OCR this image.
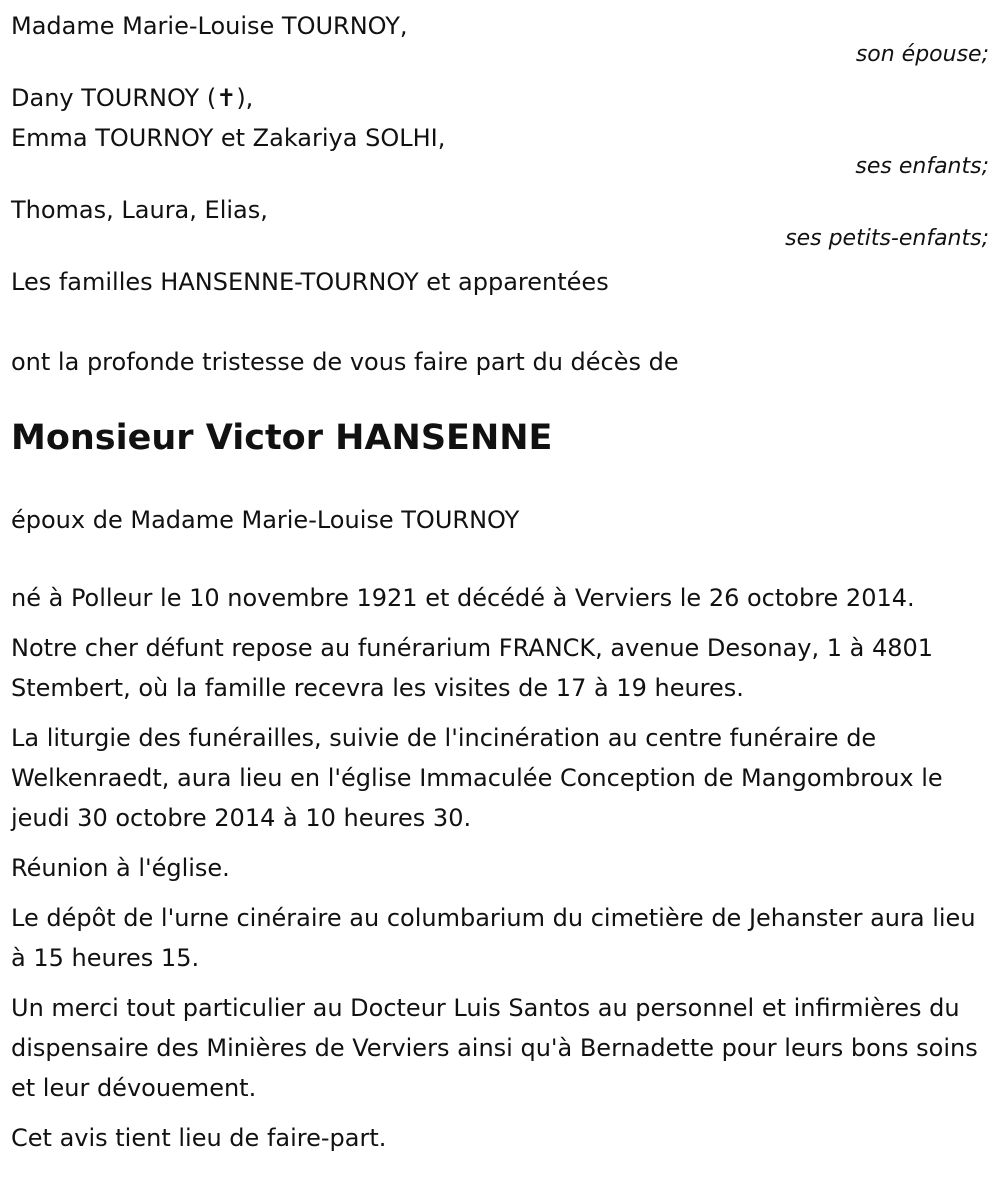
Madame Marie-Louise TOURNOY,
son épouse;
Dany TOURNOY (✝),
Emma TOURNOY et Zakariya SOLHI,
ses enfants;
Thomas, Laura, Elias,
ses petits-enfants;
Les familles HANSENNE-TOURNOY et apparentées
ont la profonde tristesse de vous faire part du décès de
Monsieur Victor HANSENNE
époux de Madame Marie-Louise TOURNOY

né à Polleur le 10 novembre 1921 et décédé à Verviers le 26 octobre 2014.

Notre cher défunt repose au funérarium FRANCK, avenue Desonay, 1 à 4801 Stembert, où la famille recevra les visites de 17 à 19 heures.

La liturgie des funérailles, suivie de l'incinération au centre funéraire de Welkenraedt, aura lieu en l'église Immaculée Conception de Mangombroux le jeudi 30 octobre 2014 à 10 heures 30.

Réunion à l'église.

Le dépôt de l'urne cinéraire au columbarium du cimetière de Jehanster aura lieu à 15 heures 15.

Un merci tout particulier au Docteur Luis Santos au personnel et infirmières du dispensaire des Minières de Verviers ainsi qu'à Bernadette pour leurs bons soins et leur dévouement.

Cet avis tient lieu de faire-part.
